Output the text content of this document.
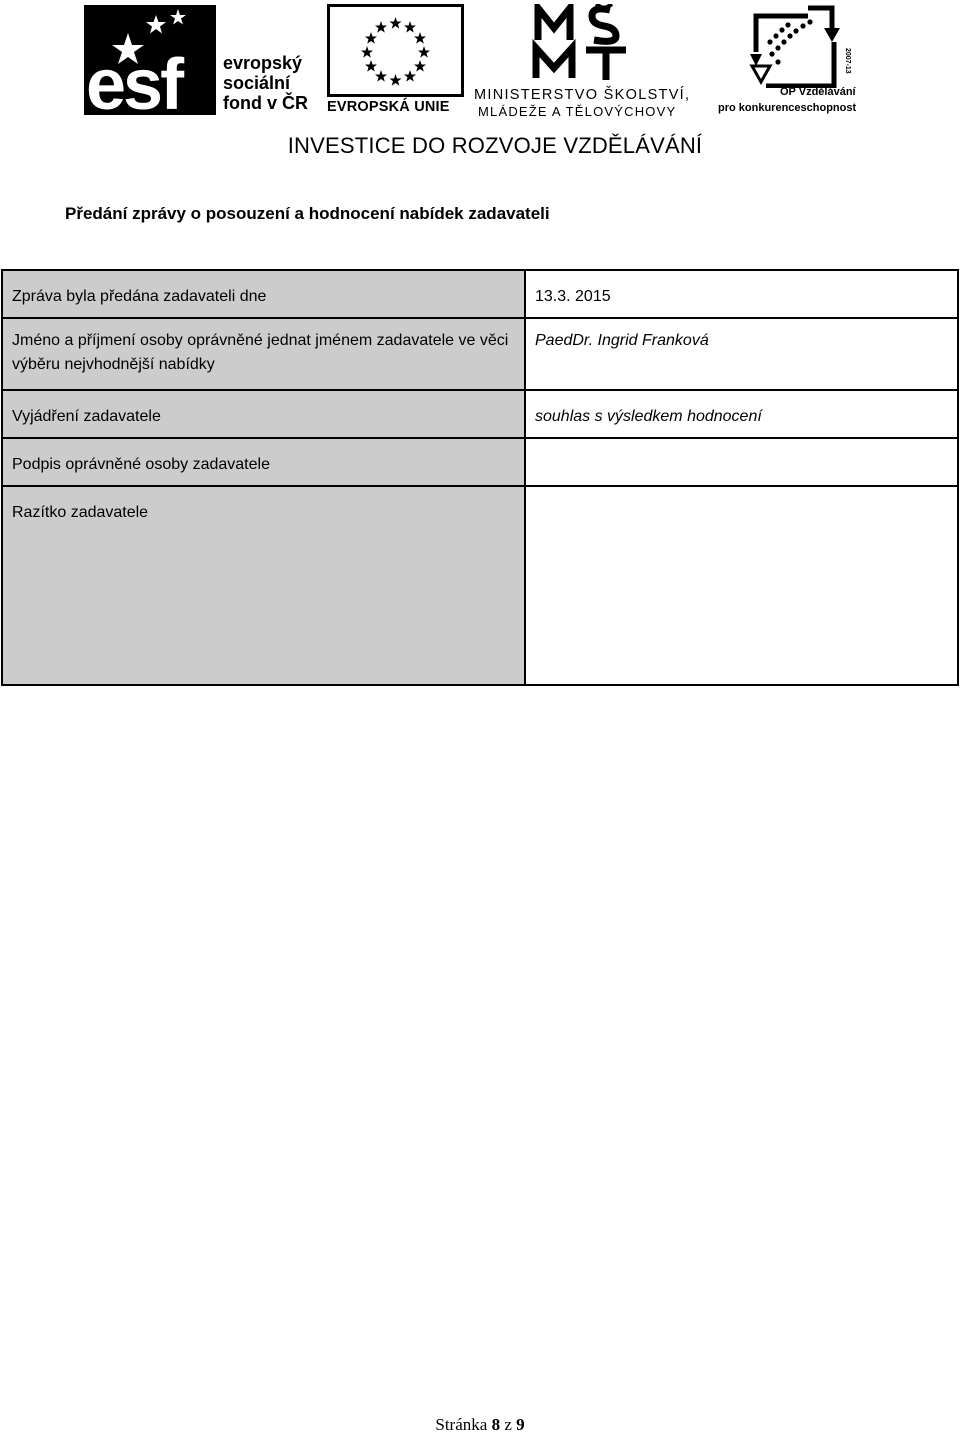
esf evropský
sociální
fond v ČR EVROPSKÁ UNIE
MINISTERSTVO ŠKOLSTVÍ,
MLÁDEŽE A TĚLOVÝCHOVY
2007-13
OP Vzdělávání
pro konkurenceschopnost
INVESTICE DO ROZVOJE VZDĚLÁVÁNÍ
Předání zprávy o posouzení a hodnocení nabídek zadavateli
Zpráva byla předána zadavateli dne	13.3. 2015
Jméno a příjmení osoby oprávněné jednat jménem zadavatele ve věci výběru nejvhodnější nabídky	PaedDr. Ingrid Franková
Vyjádření zadavatele	souhlas s výsledkem hodnocení
Podpis oprávněné osoby zadavatele	
Razítko zadavatele	
Stránka 8 z 9
